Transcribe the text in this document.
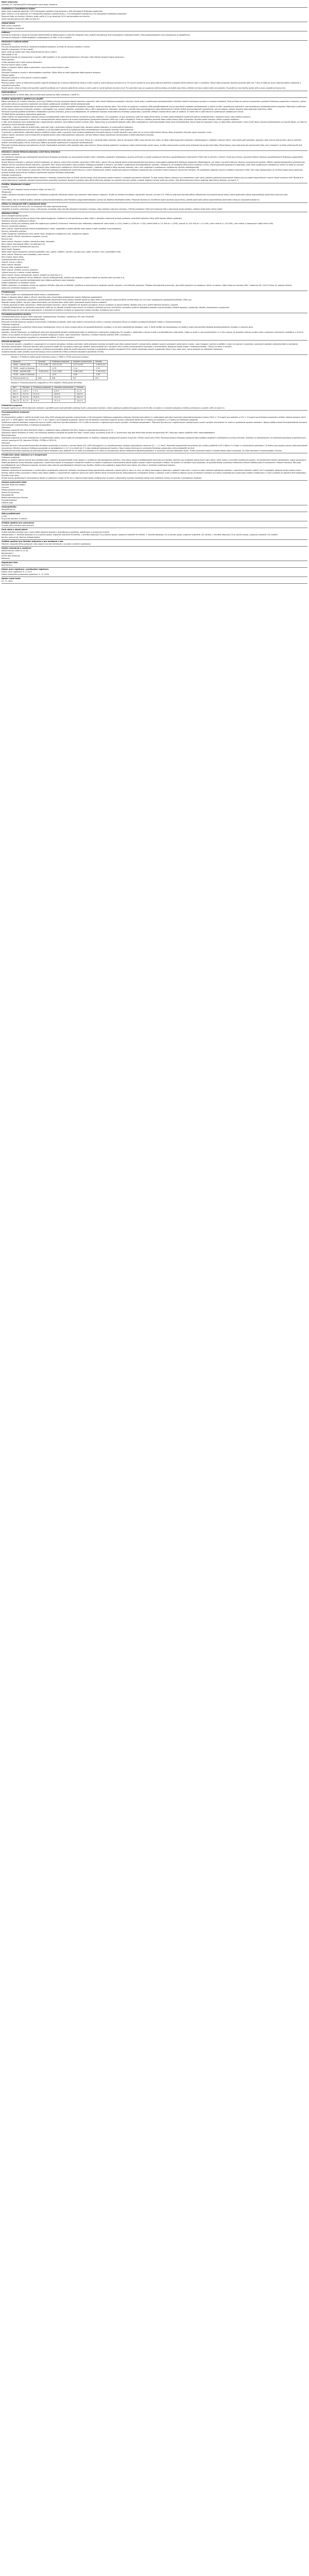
Název přípravku
Dymista 137 mikrogramů/50 mikrogramů nosní sprej, suspenze
Kvalitativní a kvantitativní složení
Jeden gram suspenze obsahuje 1 000 mikrogramů azelastin-hydrochloridu a 365 mikrogramů flutikason-propionátu.
Jeden vstřik (0,14 g) obsahuje 137 mikrogramů azelastin-hydrochloridu (= 125 mikrogramů azelastinu) a 50 mikrogramů flutikason-propionátu.
Pomocné látky se známým účinkem: jeden vstřik (0,14 g) obsahuje 0,014 mg benzalkonium-chloridu.
Úplný seznam pomocných látek viz bod 6.1.
Léková forma
Nosní sprej, suspenze.
Bílá homogenní suspenze.
Indikace
Dymista je indikován k úlevě od příznaků středně těžké až těžké sezónní a celoroční alergické rýmy, jestliže monoterapie buď intranazálním antihistaminikem, nebo glukokortikoidem není považována za dostatečnou.
Dymista je indikován k léčbě dospělých a dospívajících ve věku 12 let a starších.
Dávkování a způsob podání
Dávkování
Pro plný terapeutický účinek je nezbytné pravidelné používání. Je třeba se vyhnout kontaktu s očima.
Dospělí a dospívající (12 let a starší)
Jeden vstřik do každé nosní dírky dvakrát denně (ráno a večer).
Děti mladší 12 let
Přípravek Dymista se nedoporučuje k použití u dětí mladších 12 let, protože bezpečnost a účinnost v této věkové skupině nebyla stanovena.
Starší pacienti
U této populace není nutná úprava dávkování.
Porucha funkce ledvin a jater
Nejsou k dispozici žádné údaje o pacientech s poruchou funkce ledvin a jater.
Délka léčby
Přípravek Dymista je vhodný k dlouhodobému používání. Délka léčby by měla odpovídat době expozice alergenu.
Způsob podání
Přípravek Dymista je určen pouze k nosnímu podání.
Návod k použití
Příprava spreje: Láhev je třeba před použitím opatrně protřepat asi 5 sekund nakláněním nahoru a dolů a poté je nutné sejmout ochranný kryt. Při prvním použití se musí sprej připravit stlačením pumpičky 6krát směrem dolů a uvolněním. Pokud nebyl přípravek Dymista používán déle než 7 dnů, je třeba jej znovu připravit jedním stlačením a uvolněním pumpičky.
Použití spreje: Láhev je třeba před použitím opatrně protřepat asi 5 sekund nakláněním nahoru a dolů a poté je nutné sejmout ochranný kryt. Po vysmrkání nosu se suspenze vstřikne jednou do každé nosní dírky, přičemž se hlava naklání dolů (viz obrázek). Po použití se musí špička spreje otřít a znovu nasadit ochranný kryt.
Kontraindikace
Hypersenzitivita na léčivé látky nebo na kteroukoli pomocnou látku uvedenou v bodě 6.1.
Zvláštní upozornění a opatření pro použití
Během používání po uvedení přípravku na trh byly hlášeny klinicky významné lékové interakce u pacientů, kteří užívali flutikason-propionát a ritonavir, které vedly k systémovým kortikosteroidním účinkům včetně Cushingova syndromu a suprese nadledvin. Proto je třeba se vyhnout současnému používání flutikason-propionátu a ritonaviru, pokud potenciální přínos pro pacienta nepřeváží nad rizikem systémových vedlejších účinků kortikosteroidů.
Při používání nosních kortikosteroidů se mohou objevit systémové účinky, obzvláště při podávání vysokých dávek po dlouhou dobu. Tyto účinky se vyskytují s mnohem nižší pravděpodobností než při perorálním podávání kortikosteroidů a mohou se lišit u jednotlivých pacientů a mezi jednotlivými kortikosteroidními přípravky. Potenciální systémové účinky mohou zahrnovat Cushingův syndrom, cushingoidní rysy, supresi nadledvin, zpomalení růstu u dětí a dospívajících, kataraktu, glaukom a vzácněji řadu psychologických nebo behaviorálních účinků včetně psychomotorické hyperaktivity, poruch spánku, úzkosti, deprese nebo agresivity (zejména u dětí).
Přípravek Dymista podléhá rozsáhlému metabolismu prvního průchodu, proto je pravděpodobné, že systémová expozice intranazálnímu flutikason-propionátu u pacientů s těžkým onemocněním jater je zvýšená. To může vést k vyšší frekvenci systémových nežádoucích účinků.
Při léčbě těchto pacientů je doporučena opatrnost.
Léčba vyššími než doporučenými dávkami nosních kortikosteroidů může vést ke klinicky významné supresi nadledvin. Je-li prokázáno, že jsou používány vyšší než doporučené dávky, je třeba zvážit dodatečné systémové pokrytí kortikosteroidy v obdobích stresu nebo elektivní operace.
Podávání flutikason-propionátu v dávce 200 mikrogramů/den nebylo spojeno se supresí hypotalamo-hypofyzárně-adrenální (HPA) osy u dětí a dospělých. Proto je u každého pacienta třeba zvážit přínosy léčby přípravkem Dymista oproti možným rizikům suprese nadledvin.
U dětí, které dostávají nosní kortikosteroidy v doporučených dávkách, bylo hlášeno snížení rychlosti růstu. Doporučuje se pravidelně sledovat výšku dětí a dospívajících, kteří dlouhodobě užívají nosní kortikosteroidy. Pokud dojde ke zpomalení růstu, je třeba léčbu přehodnotit s cílem snížit dávku nosního kortikosteroidu na nejnižší dávku, při které je udržována účinná kontrola symptomů.
U pacientů, u kterých došlo ke změně zraku nebo kteří mají v anamnéze zvýšený nitrooční tlak, glaukom a/nebo kataraktu, je nutné pečlivé sledování.
Jestliže se předpokládá porucha funkce nadledvin, je při převádění pacientů ze systémové léčby kortikosteroidy na přípravek Dymista nutná opatrnost.
U pacientů s tuberkulózou, jakýmkoli druhem neléčené infekce nebo u pacientů, kteří nedávno podstoupili chirurgický zákrok či utrpěli poranění nosu nebo úst, je nutné zvážit možné přínosy léčby přípravkem Dymista oproti možnému riziku.
Infekce nosních dýchacích cest je třeba léčit antibakteriálními nebo antimykotickými přípravky, ale tyto infekce nejsou specifickou kontraindikací k léčbě přípravkem Dymista.
Porucha zraku
V souvislosti se systémovým a topickým podáváním kortikosteroidů může dojít k poruše zraku. Pokud se u pacienta objeví příznaky, jako je rozmazané vidění nebo jiné poruchy zraku, je třeba zvážit doporučení pacienta k oftalmologovi k vyšetření možných příčin, mezi které patří katarakta, glaukom nebo vzácná onemocnění, jako je centrální serózní chorioretinopatie (CSCR), která byla hlášena po použití systémových a topických kortikosteroidů.
Přípravek Dymista obsahuje benzalkonium-chlorid. Dlouhodobé používání může způsobit otok nosní sliznice. Pokud existuje podezření na takovou reakci (přetrvávající ucpání nosu), je třeba pokud možno použít nosní přípravek bez konzervační látky. Pokud takový nosní přípravek bez konzervační látky není k dispozici, je třeba zvážit použití jiné lékové formy.
Interakce s jinými léčivými přípravky a jiné formy interakce
Flutikason-propionát
Za normálních okolností jsou plazmatické koncentrace flutikason-propionátu po intranazálním podání nízké v důsledku rozsáhlého metabolismu prvního průchodu a vysoké systémové clearance zprostředkované cytochromem P450 3A4 ve střevě a v játrech. Proto jsou klinicky významné lékové interakce zprostředkované flutikason-propionátem nepravděpodobné.
Studie lékových interakcí u zdravých jedinců prokázala, že ritonavir (velmi silný inhibitor cytochromu P450 3A4) v dávce 100 mg dvakrát denně zvýšil plazmatické koncentrace intranazálně podávaného flutikason-propionátu několiksetkrát, což vedlo k výrazně sníženým sérovým koncentracím kortizolu. Během postmarketingového používání byly hlášeny klinicky významné lékové interakce u pacientů, kteří užívali intranazální nebo inhalační flutikason-propionát a ritonavir, což vedlo k systémovým kortikosteroidním účinkům. Očekává se, že souběžná léčba jinými inhibitory CYP3A, včetně přípravků obsahujících kobicistat, zvýší riziko systémových nežádoucích účinků. Je třeba se vyhnout této kombinaci, pokud přínos nepřeváží zvýšené riziko systémových nežádoucích účinků kortikosteroidů; v takovém případě je třeba pacienty sledovat, zda u nich nedochází k systémovým nežádoucím účinkům kortikosteroidů.
Studie ukázaly, že jiné inhibitory cytochromu P450 3A4 způsobují zanedbatelné (erythromycin) a mírné (ketokonazol) zvýšení systémové expozice flutikason-propionátu bez výrazného snížení sérových koncentrací kortizolu. Při souběžném podávání silných inhibitorů cytochromu P450 3A4 (např. ketokonazolu) je nicméně doporučena opatrnost, protože existuje potenciál pro zvýšenou systémovou expozici flutikason-propionátu.
Azelastin-hydrochlorid
Nebyly provedeny žádné specifické studie interakcí s azelastin-hydrochloridem ve formě nosního spreje. Byly provedeny studie interakcí s vysokými perorálními dávkami. Ty však nemají žádnou relevanci pro azelastinový nosní sprej, protože systémové plazmatické hladiny jsou po podání doporučených nosních dávek mnohem nižší. Nicméně je nutná opatrnost při podávání azelastin-hydrochloridu pacientům současně užívajícím sedativa nebo léčivé přípravky působící na centrální nervový systém, protože sedativní účinek může být zesílen. Tyto léčivé přípravky mohou zesilovat také účinky alkoholu (viz bod 4.7).
Fertilita, těhotenství a kojení
Fertilita
O fertilitě jsou k dispozici pouze omezené údaje (viz bod 5.3).
Těhotenství
Údaje o podávání azelastin-hydrochloridu a flutikason-propionátu těhotným ženám jsou omezené nebo nejsou k dispozici. Studie na zvířatech prokázaly reprodukční toxicitu (viz bod 5.3). Proto se přípravek Dymista během těhotenství má používat pouze tehdy, pokud potenciální přínos ospravedlňuje potenciální riziko pro plod.
Kojení
Není známo, zda se nazálně podaný azelastin-hydrochlorid/metabolity nebo flutikason-propionát/metabolity vylučují do lidského mateřského mléka. Přípravek Dymista se má během kojení používat pouze tehdy, jestliže potenciální přínos ospravedlňuje potenciální riziko pro novorozence/kojence.
Účinky na schopnost řídit a obsluhovat stroje
Přípravek Dymista má mírný vliv na schopnost řídit nebo obsluhovat stroje.
Ojediněle se mohou vyskytnout únava, vyčerpanost, ochablost nebo závratě způsobené samotnou chorobou nebo užíváním přípravku Dymista. V těchto případech může být schopnost řídit a obsluhovat stroje zhoršena. Alkohol může tento účinek zesílit.
Nežádoucí účinky
Souhrn bezpečnostního profilu
Po podání přípravku Dymista se často může objevit dysgeuzie, nepříjemná chuť specifická pro látku (často v důsledku nesprávné metody podávání, konkrétně naklonění hlavy příliš dozadu během podávání).
Tabulkový seznam nežádoucích účinků
Nežádoucí účinky jsou seřazeny podle tříd orgánových systémů a frekvence. Frekvence jsou definovány následovně: velmi časté (≥ 1/10), časté (≥ 1/100 až < 1/10), méně časté (≥ 1/1 000 až < 1/100), vzácné (≥ 1/10 000 až < 1/1 000), velmi vzácné (< 1/10 000), není známo (z dostupných údajů nelze určit).
Poruchy imunitního systému
Velmi vzácné: Hypersenzitivita včetně anafylaktických reakcí, angioedému (edém obličeje nebo jazyka a kožní vyrážka), bronchospasmu.
Poruchy nervového systému
Časté: Dysgeuzie (nepříjemná chuť), bolest hlavy, dysgeuzie (nepříjemná chuť), nepříjemný zápach.
Velmi vzácné: Závrať, somnolence (ospalost, únava).
Poruchy oka
Velmi vzácné: Glaukom, zvýšení nitroočního tlaku, katarakta.
Není známo: Rozmazané vidění (viz také bod 4.4).
Respirační, hrudní a mediastinální poruchy
Velmi časté: Epistaxe.
Méně časté: Nosní diskomfort (včetně podráždění nosu, pálení, svědění), kýchání, suchost nosu, kašel, suchost v krku, podráždění hrdla.
Velmi vzácné: Perforace nosní přepážky, eroze sliznice.
Není známo: Nosní vředy.
Gastrointestinální poruchy
Vzácné: Sucho v ústech.
Velmi vzácné: Nauzea.
Poruchy kůže a podkožní tkáně
Velmi vzácné: Vyrážka, pruritus, kopřivka.
Celkové poruchy a reakce v místě aplikace
Velmi vzácné: Únava (vyčerpanost, únava), slabost (viz také bod 4.7).
Mohou se objevit systémové účinky některých nosních kortikosteroidů, zejména při podávání vysokých dávek po dlouhou dobu (viz bod 4.4).
U pacientů léčených nosními kortikosteroidy byla hlášena perforace nosní přepážky.
Hlášení podezření na nežádoucí účinky
Hlášení podezření na nežádoucí účinky po registraci léčivého přípravku je důležité. Umožňuje to pokračovat ve sledování poměru přínosů a rizik léčivého přípravku. Žádáme zdravotnické pracovníky, aby hlásili podezření na nežádoucí účinky na adresu: Státní ústav pro kontrolu léčiv, Šrobárova 48, 100 41 Praha 10, webové stránky: www.sukl.cz/nahlasit-nezadouci-ucinek.
Předávkování
Při nosním podání se nepředpokládá žádná reakce z předávkování.
Nejsou k dispozici žádné údaje o účincích akutního nebo chronického předávkování nosním flutikason-propionátem.
Nosní podání 2 mg flutikason-propionátu (desetinásobek doporučené denní dávky) dvakrát denně po dobu sedmi dnů zdravým dobrovolníkům nemělo žádný vliv na funkci hypotalamo-hypofyzárně-adrenální (HPA) osy.
Podávání dávek vyšších, než jsou doporučené dávky, po dlouhou dobu může vést k přechodné supresi funkce nadledvin.
U těchto pacientů je třeba pokračovat v léčbě přípravkem Dymista v dávce dostatečné ke kontrole symptomů; funkce nadledvin se obnoví během několika dnů a lze ji ověřit měřením kortizolu v plazmě.
V případě předávkování po náhodném perorálním požití lze na základě výsledků experimentů na zvířatech očekávat poruchy centrálního nervového systému způsobené azelastin-hydrochloridem (včetně ospalosti, zmatenosti, kómatu, tachykardie a hypotenze).
Léčba těchto poruch musí být symptomatická. V závislosti na požitém množství se doporučuje výplach žaludku. Antidotum není známo.
Farmakoterapeutická skupina
Farmakoterapeutická skupina: Nosní přípravky, kortikosteroidy, flutikason, kombinace; ATC kód: R01AD58.
Mechanismus účinku a farmakodynamické účinky
Přípravek Dymista obsahuje azelastin-hydrochlorid a flutikason-propionát, které mají rozdílný mechanismus účinku a vykazují synergický účinek ve zlepšení symptomů alergické rinitidy a rinokonjunktivitidy.
Flutikason-propionát
Flutikason-propionát je syntetický trifluorovaný kortikosteroid, který má velmi vysokou afinitu ke glukokortikoidnímu receptoru a má silné protizánětlivé působení, např. 3–5krát silnější než dexametazon ve studiích vazby klonovaného lidského glukokortikoidního receptoru a exprese genu.
Azelastin-hydrochlorid
Azelastin, derivát ftalazinonu, je klasifikován jako silná dlouhodobě působící antialergická látka se selektivními vlastnostmi antagonisty H1 receptoru, stabilizátoru žírných buněk a protizánětlivými vlastnostmi. Údaje ze studií in vivo (preklinických) a in vitro ukazují, že azelastin inhibuje syntézu nebo uvolňování chemických mediátorů, o nichž je známo, že se podílejí na časných a pozdních stadiích alergických reakcí, např. leukotrienů, histaminu, inhibitorů aktivity destiček (PAF) a serotoninu.
Úleva od nosních alergických symptomů je pozorována během 15 minut po podání.
Klinické zkušenosti
Ve 4 klinických studiích u dospělých a dospívajících se sezónní alergickou rinitidou vedl jeden vstřik přípravku Dymista do každé nosní dírky dvakrát denně k významnému zlepšení nosních symptomů (zahrnujících rinoreu, nosní kongesci, kýchání a svědění v nose) ve srovnání s placebem, samotným azelastin-hydrochloridem a samotným flutikason-propionátem. Přípravek Dymista také významně zlepšil oční symptomy (zahrnující svědění, slzení/vodnaté oči a zarudnutí očí) a kvalitu života pacientů související s onemocněním (Dotazník kvality života u rinokonjunktivitidy – RQLQ) ve všech 4 studiích.
Ve srovnání s registrovaným nosním sprejem s flutikason-propionátem došlo při použití přípravku Dymista k podstatnému zlepšení symptomů (50% snížení závažnosti nosních symptomů) dříve (3 dny nebo více), což se projevilo ve výsledcích hodnocení.
Uvedená tabulka uvádí výsledky souhrnné analýzy hlavní proměnné (rTNSS) a klíčové sekundární proměnné (rTOSS).
Tabulka 1: Průměrná změna oproti výchozímu stavu v rTNSS a rTOSS (souhrnná analýza)
Parametr	Dymista	Flutikason-propionát	Azelastin-hydrochlorid	Placebo
rTNSS – průměr (SD)	-5,31 (5,08)	-4,51 (4,75)	-4,17 (4,52)	-2,98 (4,20)
rTNSS – rozdíl vs Dymista	—	-0,79	-1,14	-2,33
rTOSS – průměr (SD)	-3,48 (4,03)	-3,15 (3,82)	-2,98 (3,67)	-2,39 (3,52)
rTOSS – rozdíl vs Dymista	—	-0,33	-0,50	-1,09
Počet pacientů (n)	848	846	847	851
Tabulka 2: Procento pacientů s odpovědí (≥ 50% zlepšení rTNSS) podle dne léčby
Den	Dymista	Flutikason-propionát	Azelastin-hydrochlorid	Placebo
Den 1	11,8 %	7,3 %	8,6 %	5,2 %
Den 3	21,9 %	15,4 %	16,9 %	10,8 %
Den 7	31,4 %	25,0 %	24,2 %	16,0 %
Den 14	41,1 %	34,9 %	31,2 %	22,8 %
Pediatrická populace
Evropská agentura pro léčivé přípravky rozhodla o zproštění povinnosti předložit výsledky studií s přípravkem Dymista u všech podskupin pediatrické populace do 6 let věku se sezónní a celoroční alergickou rinitidou (informace o použití u dětí viz bod 4.2).
Farmakokinetické vlastnosti
Absorpce
Po intranazálním podání 2 vstřiků do každé nosní dírky (548 mikrogramů azelastin-hydrochloridu a 200 mikrogramů flutikason-propionátu) přípravku Dymista byla střední (± směrodatná odchylka) maximální plazmatická expozice (Cmax) 194,5 ± 74,4 pg/ml pro azelastin a 10,3 ± 3,9 pg/ml pro flutikason-propionát a střední celková expozice (AUC) byla 4217 ± 2618 pg/ml.h pro azelastin a 97,7 ± 43,1 pg/ml.h pro flutikason-propionát. Střední čas do dosažení maximální expozice (tmax) z jednotlivé dávky byl 0,5 hodiny pro azelastin a 1,0 hodiny pro flutikason-propionát.
Systémová expozice flutikason-propionátu byla při podání přípravku Dymista přibližně o 50 % vyšší ve srovnání s registrovaným nosním sprejem s flutikason-propionátem. Přípravek Dymista byl s registrovaným azelastinovým nosním sprejem ekvivalentní ve vztahu k systémové expozici azelastinu. Nebyly zjištěny žádné farmakokinetické interakce mezi azelastin-hydrochloridem a flutikason-propionátem.
Distribuce
Flutikason-propionát má velký distribuční objem v ustáleném stavu (přibližně 318 litrů). Vazba na plazmatické proteiny je 91 %.
Distribuční objem azelastinu je velký, což naznačuje distribuci převážně do periferních tkání. Úroveň vazby na proteiny je 80–90 %. Kromě toho mají obě léčivé látky širokou terapeutickou šíři. Proto jsou reakce vytěsnění léčiv nepravděpodobné.
Biotransformace
Flutikason-propionát je rychle odstraňován ze systémového oběhu, hlavně jaterním metabolismem na neaktivní metabolit karboxylové kyseliny enzymem CYP3A4 cytochromu P450. Perorálně podaný flutikason-propionát také podléhá rozsáhlému metabolismu prvního průchodu. Azelastin je metabolizován na N-desmethylazelastin prostřednictvím různých izoenzymů CYP, zejména CYP3A4, CYP2D6 a CYP2C19.
Eliminace
Rychlost eliminace intravenózně podaného flutikason-propionátu je lineární v rozmezí dávek 250–1000 mikrogramů a je charakterizována vysokou plazmatickou clearance (CL = 1,1 l/min). Maximální plazmatické koncentrace jsou sníženy přibližně o 98 % během 3–4 hodin a s terminálním poločasem 7,8 hodiny byly spojeny pouze nízké plazmatické koncentrace. Renální clearance flutikason-propionátu je zanedbatelná (< 0,2 %) a méně než 5 % jako metabolit karboxylové kyseliny. Hlavní cestou eliminace je vylučování flutikason-propionátu a jeho metabolitů do žluči.
Plazmatické eliminační poločasy po jednorázové dávce azelastinu jsou přibližně 20–25 hodin pro azelastin a 45 hodin pro terapeuticky aktivní metabolit N-desmethylazelastin. K vylučování dochází především stolicí. Trvalé vylučování malých množství dávky stolicí naznačuje, že může docházet k enterohepatální cirkulaci.
Předklinické údaje vztahující se k bezpečnosti
Flutikason-propionát
Nálezy ve studiích obecné toxicity byly podobné jako u ostatních glukokortikoidů a jsou spojeny s nadměrnou farmakologickou aktivitou. Tyto nálezy nejsou pravděpodobně relevantní pro člověka, kterému jsou podávány doporučené nosní dávky, které vedou k minimální systémové expozici. Ve standardních testech genotoxicity nebyly pozorovány žádné genotoxické účinky flutikason-propionátu. Kromě toho nebylo ve dvouletých inhalačních studiích na myších a potkanech zaznamenáno žádné zvýšení výskytu nádorů související s léčbou. Ve studiích na zvířatech bylo prokázáno, že glukokortikoidy vyvolávají malformace včetně rozštěpu patra a intrauterinní růstové retardace. Toto platí pravděpodobně i pro flutikason-propionát, ale tento nález nebude pravděpodobně relevantní pro člověka, kterému jsou podávány doporučené nosní dávky, jež vedou k minimální systémové expozici.
Azelastin-hydrochlorid
Azelastin-hydrochlorid nevykazoval u morčat žádný senzibilizační potenciál. Azelastin nevykazoval žádný genotoxický potenciál v baterii testů in vitro a in vivo, ani žádný karcinogenní potenciál u potkanů nebo myší. U samců a samic potkanů způsoboval azelastin v perorálních dávkách vyšších než 3 mg/kg/den dávkově závislý pokles indexu fertility; žádné změny související s látkou však nebyly zjištěny v reprodukčních orgánech samců ani samic během studií chronické toxicity. Embryotoxické a teratogenní účinky u potkanů, myší a králíků se objevily pouze při dávkách toxických pro matku (například byly pozorovány kosterní malformace u myší a potkanů při dávkách 68,6 mg/kg/den).
Dymista nosní sprej
Studie toxicity opakovaných intranazálních dávek na potkanech trvající až 90 dní a 14denní studie lokální snášenlivosti na psech s přípravkem Dymista neodhalily žádné nové nežádoucí účinky ve srovnání s jednotlivými složkami.
Seznam pomocných látek
Dihydrát dinatrium-edetátu
Glycerol
Mikrokrystalická celulosa
Sodná sůl karmelosy
Polysorbát 80
Roztok benzalkonium-chloridu
Fenylethylalkohol
Čištěná voda
Inkompatibility
Neuplatňuje se.
Doba použitelnosti
2 roky
Po prvním otevření: 6 měsíců
Zvláštní opatření pro uchovávání
Chraňte před chladem nebo mrazem.
Druh obalu a obsah balení
Hnědá skleněná lahvička typu I nebo hnědá plastová lahvička s rozprašovací pumpičkou, aplikátorem a ochranným krytem.
Velikost balení: 1 lahvička obsahující 6,4 g nosního spreje, suspenze (nejméně 28 vstřiků), 1 lahvička obsahující 10 g nosního spreje, suspenze (nejméně 56 vstřiků), 1 lahvička obsahující 23 g nosního spreje, suspenze (nejméně 120 vstřiků), 1 lahvička obsahující 25 g nosního spreje, suspenze (nejméně 120 vstřiků).
Na trhu nemusí být všechny velikosti balení.
Zvláštní opatření pro likvidaci přípravku a pro zacházení s ním
Všechen nepoužitý léčivý přípravek nebo odpad musí být zlikvidován v souladu s místními požadavky.
Držitel rozhodnutí o registraci
MEDA Pharma GmbH & Co. KG
Benzstrasse 1
61352 Bad Homburg
Německo
Registrační číslo
69/153/13-C
Datum první registrace / prodloužení registrace
Datum první registrace: 6. 3. 2013
Datum posledního prodloužení registrace: 3. 12. 2018
Datum revize textu
22. 11. 2022
